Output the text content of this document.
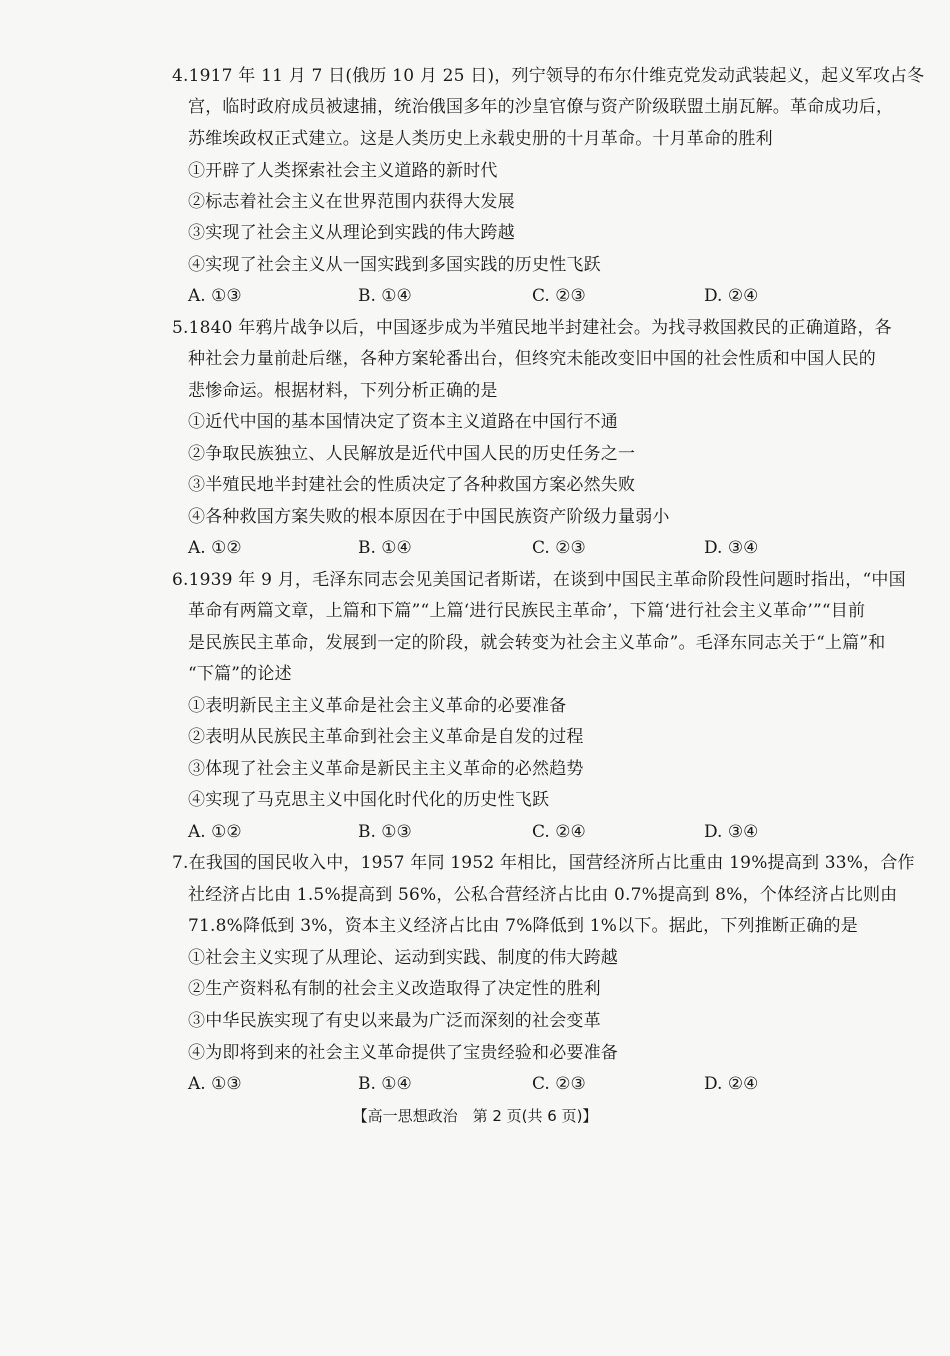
4.1917 年 11 月 7 日(俄历 10 月 25 日)，列宁领导的布尔什维克党发动武装起义，起义军攻占冬
宫，临时政府成员被逮捕，统治俄国多年的沙皇官僚与资产阶级联盟土崩瓦解。革命成功后，
苏维埃政权正式建立。这是人类历史上永载史册的十月革命。十月革命的胜利
①开辟了人类探索社会主义道路的新时代
②标志着社会主义在世界范围内获得大发展
③实现了社会主义从理论到实践的伟大跨越
④实现了社会主义从一国实践到多国实践的历史性飞跃
A. ①③	B. ①④	C. ②③	D. ②④
5.1840 年鸦片战争以后，中国逐步成为半殖民地半封建社会。为找寻救国救民的正确道路，各
种社会力量前赴后继，各种方案轮番出台，但终究未能改变旧中国的社会性质和中国人民的
悲惨命运。根据材料，下列分析正确的是
①近代中国的基本国情决定了资本主义道路在中国行不通
②争取民族独立、人民解放是近代中国人民的历史任务之一
③半殖民地半封建社会的性质决定了各种救国方案必然失败
④各种救国方案失败的根本原因在于中国民族资产阶级力量弱小
A. ①②	B. ①④	C. ②③	D. ③④
6.1939 年 9 月，毛泽东同志会见美国记者斯诺，在谈到中国民主革命阶段性问题时指出，“中国
革命有两篇文章，上篇和下篇”“上篇‘进行民族民主革命’，下篇‘进行社会主义革命’”“目前
是民族民主革命，发展到一定的阶段，就会转变为社会主义革命”。毛泽东同志关于“上篇”和
“下篇”的论述
①表明新民主主义革命是社会主义革命的必要准备
②表明从民族民主革命到社会主义革命是自发的过程
③体现了社会主义革命是新民主主义革命的必然趋势
④实现了马克思主义中国化时代化的历史性飞跃
A. ①②	B. ①③	C. ②④	D. ③④
7.在我国的国民收入中，1957 年同 1952 年相比，国营经济所占比重由 19%提高到 33%，合作
社经济占比由 1.5%提高到 56%，公私合营经济占比由 0.7%提高到 8%，个体经济占比则由
71.8%降低到 3%，资本主义经济占比由 7%降低到 1%以下。据此，下列推断正确的是
①社会主义实现了从理论、运动到实践、制度的伟大跨越
②生产资料私有制的社会主义改造取得了决定性的胜利
③中华民族实现了有史以来最为广泛而深刻的社会变革
④为即将到来的社会主义革命提供了宝贵经验和必要准备
A. ①③	B. ①④	C. ②③	D. ②④
【高一思想政治　第 2 页(共 6 页)】
